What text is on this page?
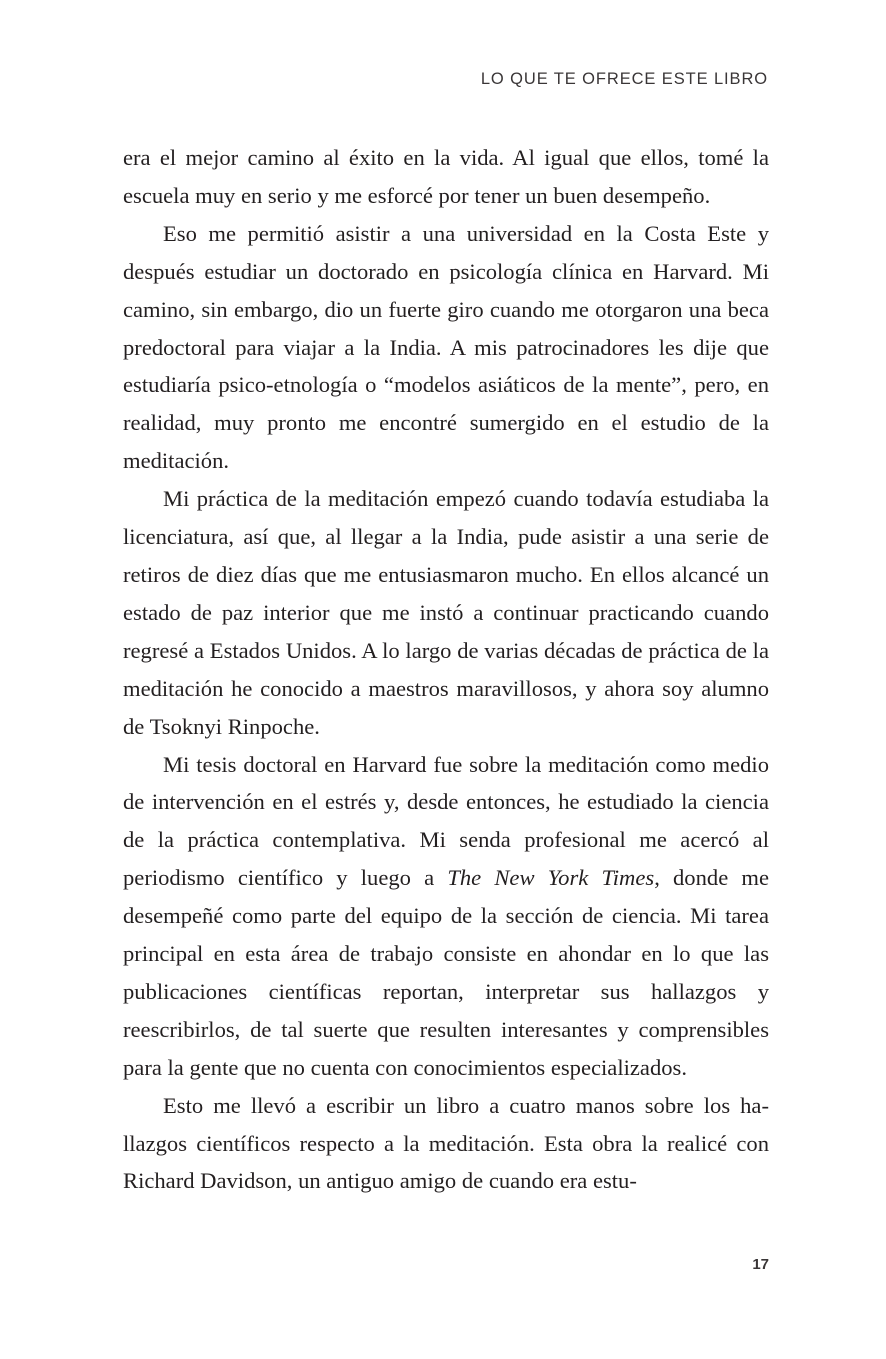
LO QUE TE OFRECE ESTE LIBRO

era el mejor camino al éxito en la vida. Al igual que ellos, tomé la escuela muy en serio y me esforcé por tener un buen desempeño.

Eso me permitió asistir a una universidad en la Costa Este y después estudiar un doctorado en psicología clínica en Harvard. Mi camino, sin embargo, dio un fuerte giro cuando me otorgaron una beca predoctoral para viajar a la India. A mis patrocinadores les dije que estudiaría psico-etnología o “modelos asiáticos de la mente”, pero, en realidad, muy pronto me encontré sumergido en el estudio de la meditación.

Mi práctica de la meditación empezó cuando todavía estudiaba la licenciatura, así que, al llegar a la India, pude asistir a una serie de retiros de diez días que me entusiasmaron mucho. En ellos alcancé un estado de paz interior que me instó a continuar practicando cuando regresé a Estados Unidos. A lo largo de varias décadas de práctica de la meditación he conocido a maestros maravillosos, y ahora soy alumno de Tsoknyi Rinpoche.

Mi tesis doctoral en Harvard fue sobre la meditación como medio de intervención en el estrés y, desde entonces, he estudiado la ciencia de la práctica contemplativa. Mi senda profesional me acercó al periodismo científico y luego a The New York Times, donde me desempeñé como parte del equipo de la sección de ciencia. Mi tarea principal en esta área de trabajo consiste en ahondar en lo que las publicaciones científicas reportan, interpretar sus hallazgos y reescribirlos, de tal suerte que resulten interesantes y comprensibles para la gente que no cuenta con conocimientos especializados.

Esto me llevó a escribir un libro a cuatro manos sobre los hallazgos científicos respecto a la meditación. Esta obra la realicé con Richard Davidson, un antiguo amigo de cuando era estu-

17
